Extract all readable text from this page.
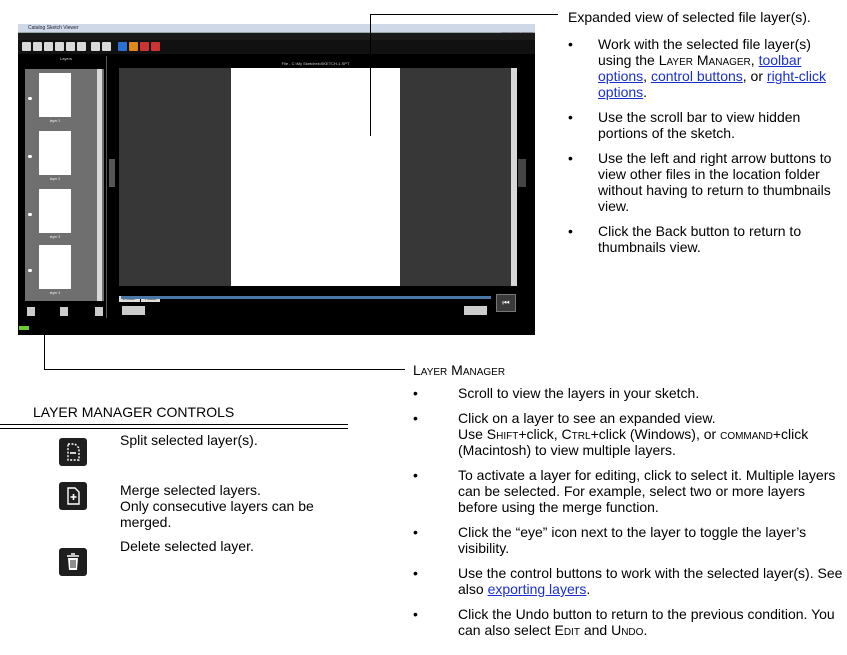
Catalog Sketch Viewer

Layers
layer 1
layer 2
layer 3
layer 4
File - C:\My Sketches\SKETCH-1.SPT
⏮
Expanded view of selected file layer(s).
• Work with the selected file layer(s) using the Layer Manager, toolbar options, control buttons, or right-click options.
• Use the scroll bar to view hidden portions of the sketch.
• Use the left and right arrow buttons to view other files in the location folder without having to return to thumbnails view.
• Click the Back button to return to thumbnails view.
Layer Manager
• Scroll to view the layers in your sketch.
• Click on a layer to see an expanded view.
Use Shift+click, Ctrl+click (Windows), or command+click (Macintosh) to view multiple layers.
• To activate a layer for editing, click to select it. Multiple layers can be selected. For example, select two or more layers before using the merge function.
• Click the “eye” icon next to the layer to toggle the layer’s visibility.
• Use the control buttons to work with the selected layer(s). See also exporting layers.
• Click the Undo button to return to the previous condition. You can also select Edit and Undo.
LAYER MANAGER CONTROLS
Split selected layer(s).
Merge selected layers.
Only consecutive layers can be merged.
Delete selected layer.
